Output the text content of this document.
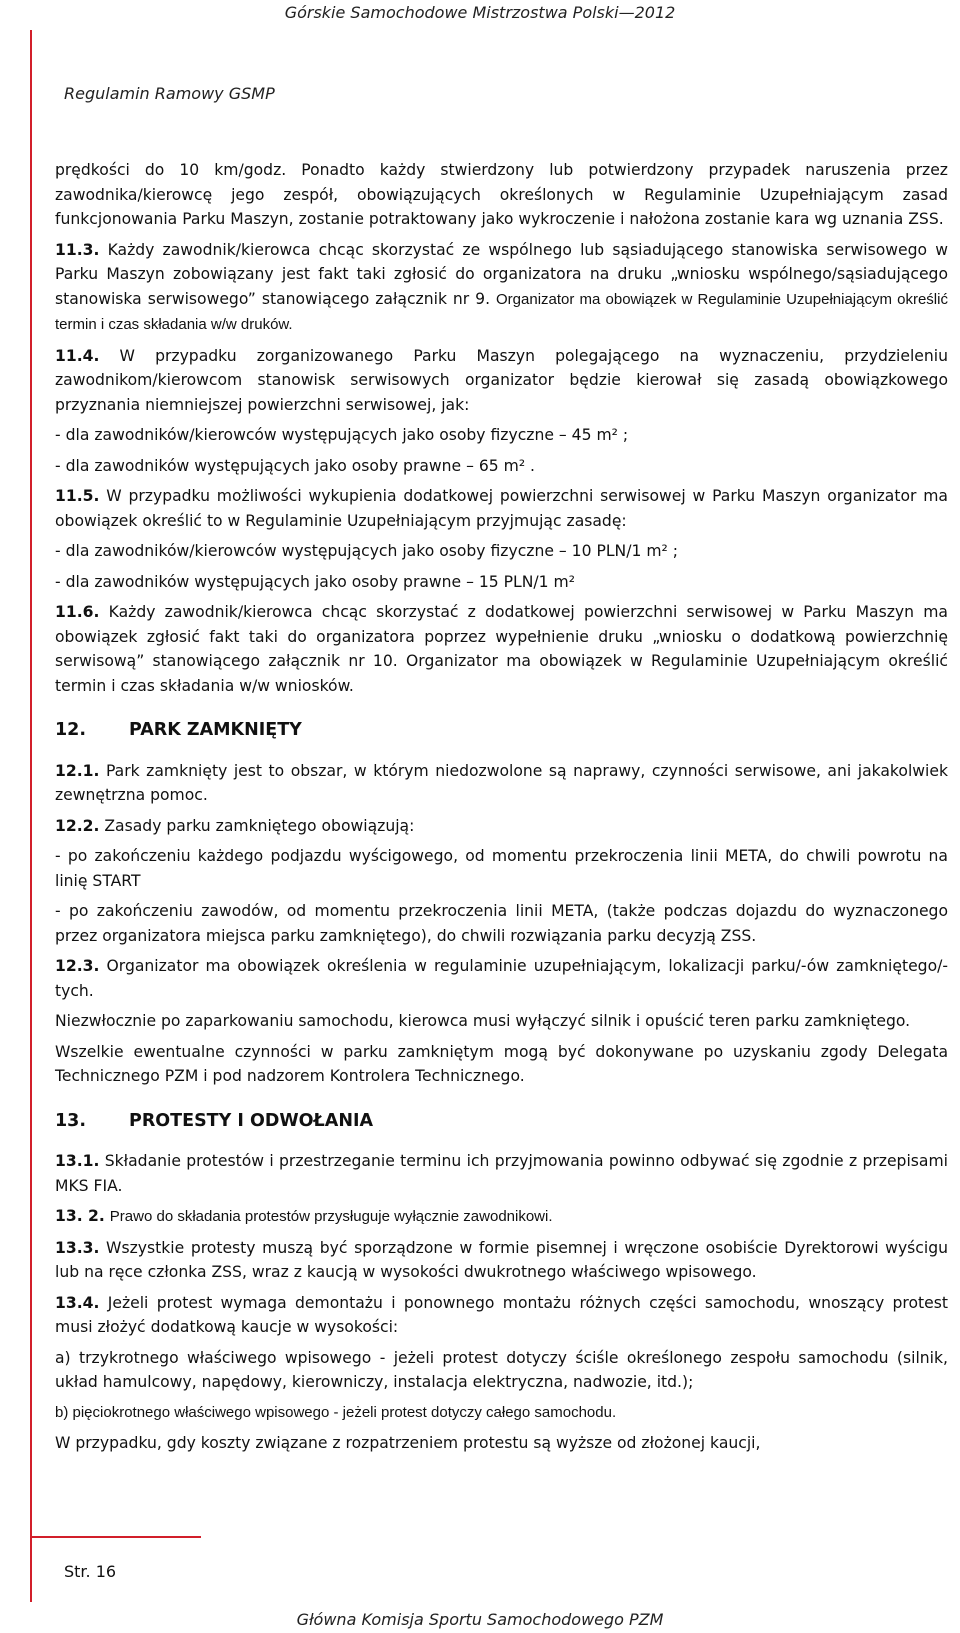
Górskie Samochodowe Mistrzostwa Polski—2012
Regulamin Ramowy GSMP

prędkości do 10 km/godz. Ponadto każdy stwierdzony lub potwierdzony przypadek naruszenia przez zawodnika/kierowcę jego zespół, obowiązujących określonych w Regulaminie Uzupełniającym zasad funkcjonowania Parku Maszyn, zostanie potraktowany jako wykroczenie i nałożona zostanie kara wg uznania ZSS.

11.3. Każdy zawodnik/kierowca chcąc skorzystać ze wspólnego lub sąsiadującego stanowiska serwisowego w Parku Maszyn zobowiązany jest fakt taki zgłosić do organizatora na druku „wniosku wspólnego/sąsiadującego stanowiska serwisowego” stanowiącego załącznik nr 9. Organizator ma obowiązek w Regulaminie Uzupełniającym określić termin i czas składania w/w druków.

11.4. W przypadku zorganizowanego Parku Maszyn polegającego na wyznaczeniu, przydzieleniu zawodnikom/kierowcom stanowisk serwisowych organizator będzie kierował się zasadą obowiązkowego przyznania niemniejszej powierzchni serwisowej, jak:

- dla zawodników/kierowców występujących jako osoby fizyczne – 45 m² ;

- dla zawodników występujących jako osoby prawne – 65 m² .

11.5. W przypadku możliwości wykupienia dodatkowej powierzchni serwisowej w Parku Maszyn organizator ma obowiązek określić to w Regulaminie Uzupełniającym przyjmując zasadę:

- dla zawodników/kierowców występujących jako osoby fizyczne – 10 PLN/1 m² ;

- dla zawodników występujących jako osoby prawne – 15 PLN/1 m²

11.6. Każdy zawodnik/kierowca chcąc skorzystać z dodatkowej powierzchni serwisowej w Parku Maszyn ma obowiązek zgłosić fakt taki do organizatora poprzez wypełnienie druku „wniosku o dodatkową powierzchnię serwisową” stanowiącego załącznik nr 10. Organizator ma obowiązek w Regulaminie Uzupełniającym określić termin i czas składania w/w wniosków.

12. PARK ZAMKNIĘTY

12.1. Park zamknięty jest to obszar, w którym niedozwolone są naprawy, czynności serwisowe, ani jakakolwiek zewnętrzna pomoc.

12.2. Zasady parku zamkniętego obowiązują:

- po zakończeniu każdego podjazdu wyścigowego, od momentu przekroczenia linii META, do chwili powrotu na linię START

- po zakończeniu zawodów, od momentu przekroczenia linii META, (także podczas dojazdu do wyznaczonego przez organizatora miejsca parku zamkniętego), do chwili rozwiązania parku decyzją ZSS.

12.3. Organizator ma obowiązek określenia w regulaminie uzupełniającym, lokalizacji parku/-ów zamkniętego/-tych.

Niezwłocznie po zaparkowaniu samochodu, kierowca musi wyłączyć silnik i opuścić teren parku zamkniętego.

Wszelkie ewentualne czynności w parku zamkniętym mogą być dokonywane po uzyskaniu zgody Delegata Technicznego PZM i pod nadzorem Kontrolera Technicznego.

13. PROTESTY I ODWOŁANIA

13.1. Składanie protestów i przestrzeganie terminu ich przyjmowania powinno odbywać się zgodnie z przepisami MKS FIA.

13. 2. Prawo do składania protestów przysługuje wyłącznie zawodnikowi.

13.3. Wszystkie protesty muszą być sporządzone w formie pisemnej i wręczone osobiście Dyrektorowi wyścigu lub na ręce członka ZSS, wraz z kaucją w wysokości dwukrotnego właściwego wpisowego.

13.4. Jeżeli protest wymaga demontażu i ponownego montażu różnych części samochodu, wnoszący protest musi złożyć dodatkową kaucje w wysokości:

a) trzykrotnego właściwego wpisowego - jeżeli protest dotyczy ściśle określonego zespołu samochodu (silnik, układ hamulcowy, napędowy, kierowniczy, instalacja elektryczna, nadwozie, itd.);

b) pięciokrotnego właściwego wpisowego - jeżeli protest dotyczy całego samochodu.

W przypadku, gdy koszty związane z rozpatrzeniem protestu są wyższe od złożonej kaucji,

Str. 16
Główna Komisja Sportu Samochodowego PZM
